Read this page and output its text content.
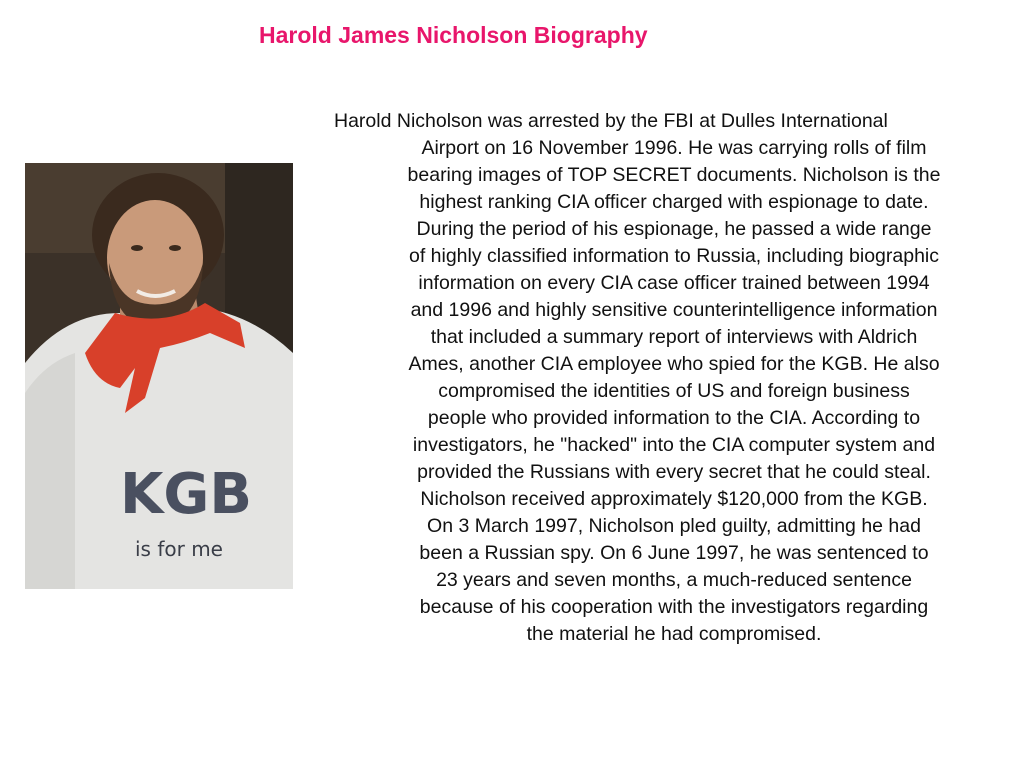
Harold James Nicholson Biography
KGB
is for me
Harold Nicholson was arrested by the FBI at Dulles International
Airport on 16 November 1996. He was carrying rolls of film
bearing images of TOP SECRET documents. Nicholson is the
highest ranking CIA officer charged with espionage to date.
During the period of his espionage, he passed a wide range
of highly classified information to Russia, including biographic
information on every CIA case officer trained between 1994
and 1996 and highly sensitive counterintelligence information
that included a summary report of interviews with Aldrich
Ames, another CIA employee who spied for the KGB. He also
compromised the identities of US and foreign business
people who provided information to the CIA. According to
investigators, he "hacked" into the CIA computer system and
provided the Russians with every secret that he could steal.
Nicholson received approximately $120,000 from the KGB.
On 3 March 1997, Nicholson pled guilty, admitting he had
been a Russian spy. On 6 June 1997, he was sentenced to
23 years and seven months, a much-reduced sentence
because of his cooperation with the investigators regarding
the material he had compromised.
